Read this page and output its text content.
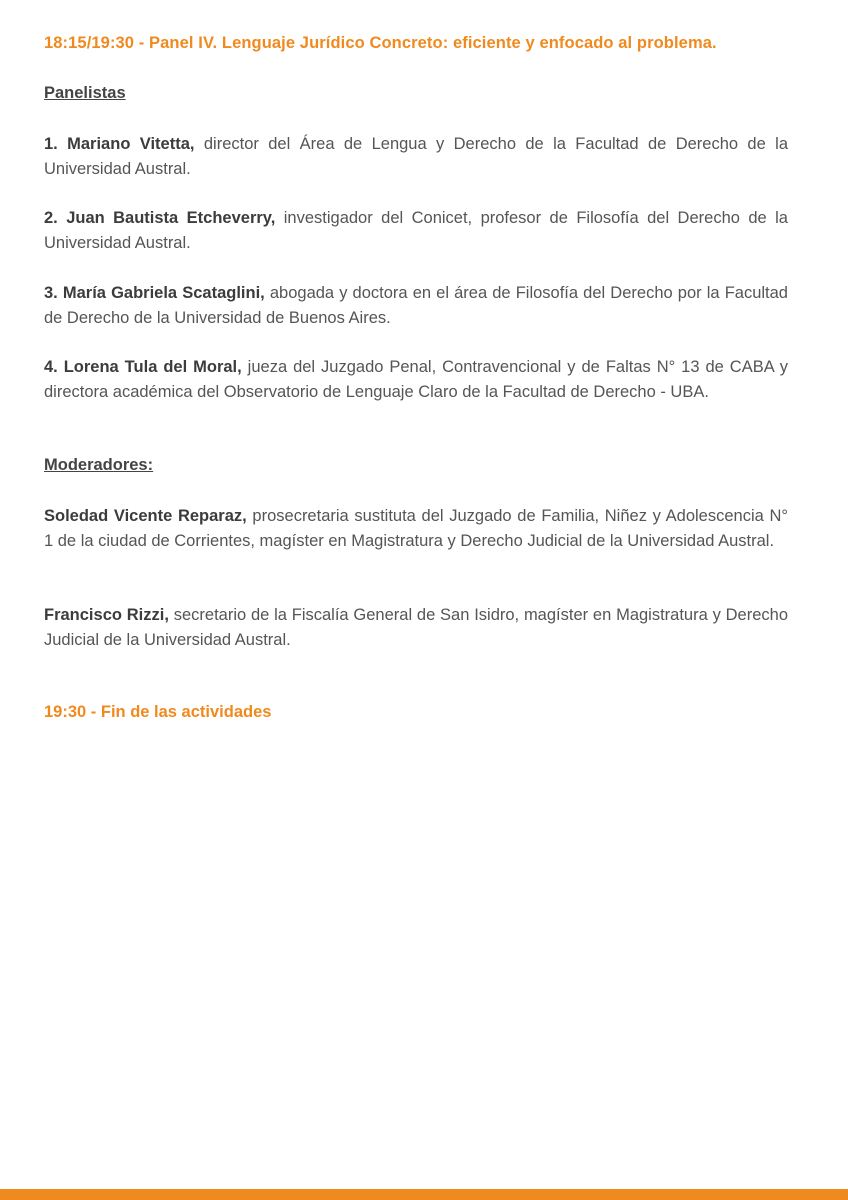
18:15/19:30 - Panel IV. Lenguaje Jurídico Concreto: eficiente y enfocado al problema.
Panelistas
1. Mariano Vitetta, director del Área de Lengua y Derecho de la Facultad de Derecho de la Universidad Austral.
2. Juan Bautista Etcheverry, investigador del Conicet, profesor de Filosofía del Derecho de la Universidad Austral.
3. María Gabriela Scataglini, abogada y doctora en el área de Filosofía del Derecho por la Facultad de Derecho de la Universidad de Buenos Aires.
4. Lorena Tula del Moral, jueza del Juzgado Penal, Contravencional y de Faltas N° 13 de CABA y directora académica del Observatorio de Lenguaje Claro de la Facultad de Derecho - UBA.
Moderadores:
Soledad Vicente Reparaz, prosecretaria sustituta del Juzgado de Familia, Niñez y Adolescencia N° 1 de la ciudad de Corrientes, magíster en Magistratura y Derecho Judicial de la Universidad Austral.
Francisco Rizzi, secretario de la Fiscalía General de San Isidro, magíster en Magistratura y Derecho Judicial de la Universidad Austral.
19:30 - Fin de las actividades
